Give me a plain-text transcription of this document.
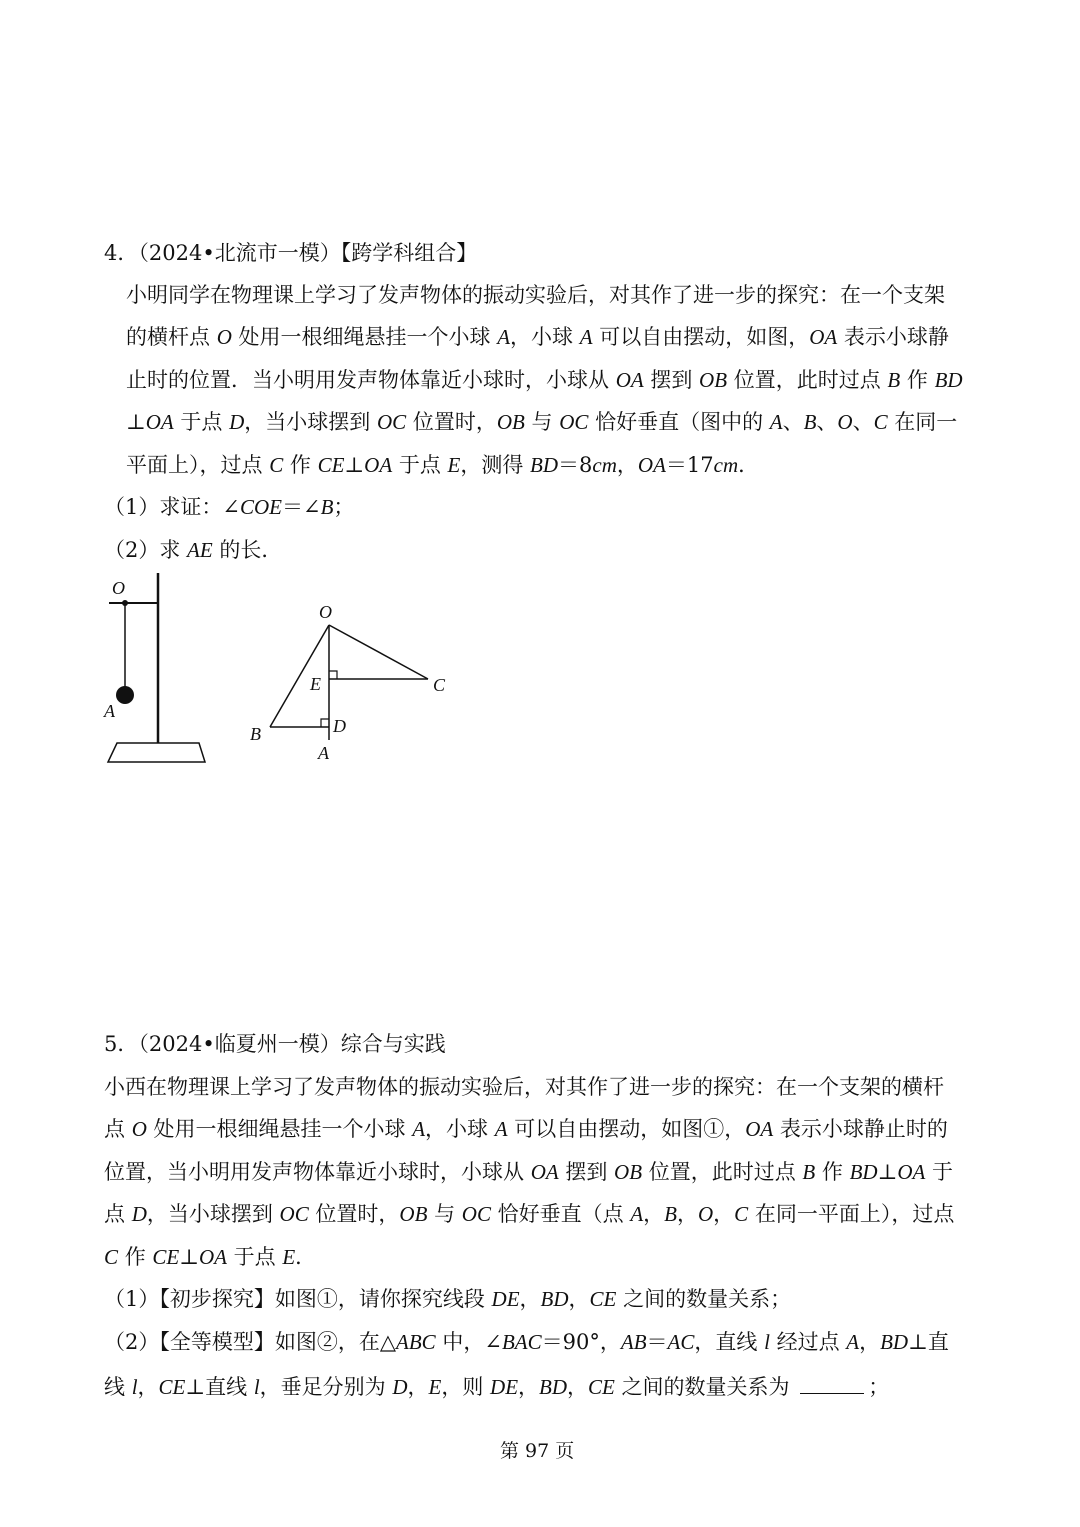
4．（2024•北流市一模）【跨学科组合】
小明同学在物理课上学习了发声物体的振动实验后，对其作了进一步的探究：在一个支架
的横杆点 O 处用一根细绳悬挂一个小球 A，小球 A 可以自由摆动，如图，OA 表示小球静
止时的位置．当小明用发声物体靠近小球时，小球从 OA 摆到 OB 位置，此时过点 B 作 BD
⊥OA 于点 D，当小球摆到 OC 位置时，OB 与 OC 恰好垂直（图中的 A、B、O、C 在同一
平面上），过点 C 作 CE⊥OA 于点 E，测得 BD＝8cm，OA＝17cm．
（1）求证：∠COE＝∠B；
（2）求 AE 的长．
O
A
O
E	C
B	D
A
5．（2024•临夏州一模）综合与实践
小西在物理课上学习了发声物体的振动实验后，对其作了进一步的探究：在一个支架的横杆
点 O 处用一根细绳悬挂一个小球 A，小球 A 可以自由摆动，如图①，OA 表示小球静止时的
位置，当小明用发声物体靠近小球时，小球从 OA 摆到 OB 位置，此时过点 B 作 BD⊥OA 于
点 D，当小球摆到 OC 位置时，OB 与 OC 恰好垂直（点 A，B，O，C 在同一平面上），过点
C 作 CE⊥OA 于点 E．
（1）【初步探究】如图①，请你探究线段 DE，BD，CE 之间的数量关系；
（2）【全等模型】如图②，在△ABC 中，∠BAC＝90°，AB＝AC，直线 l 经过点 A，BD⊥直
线 l，CE⊥直线 l，垂足分别为 D，E，则 DE，BD，CE 之间的数量关系为	；
第 97 页
